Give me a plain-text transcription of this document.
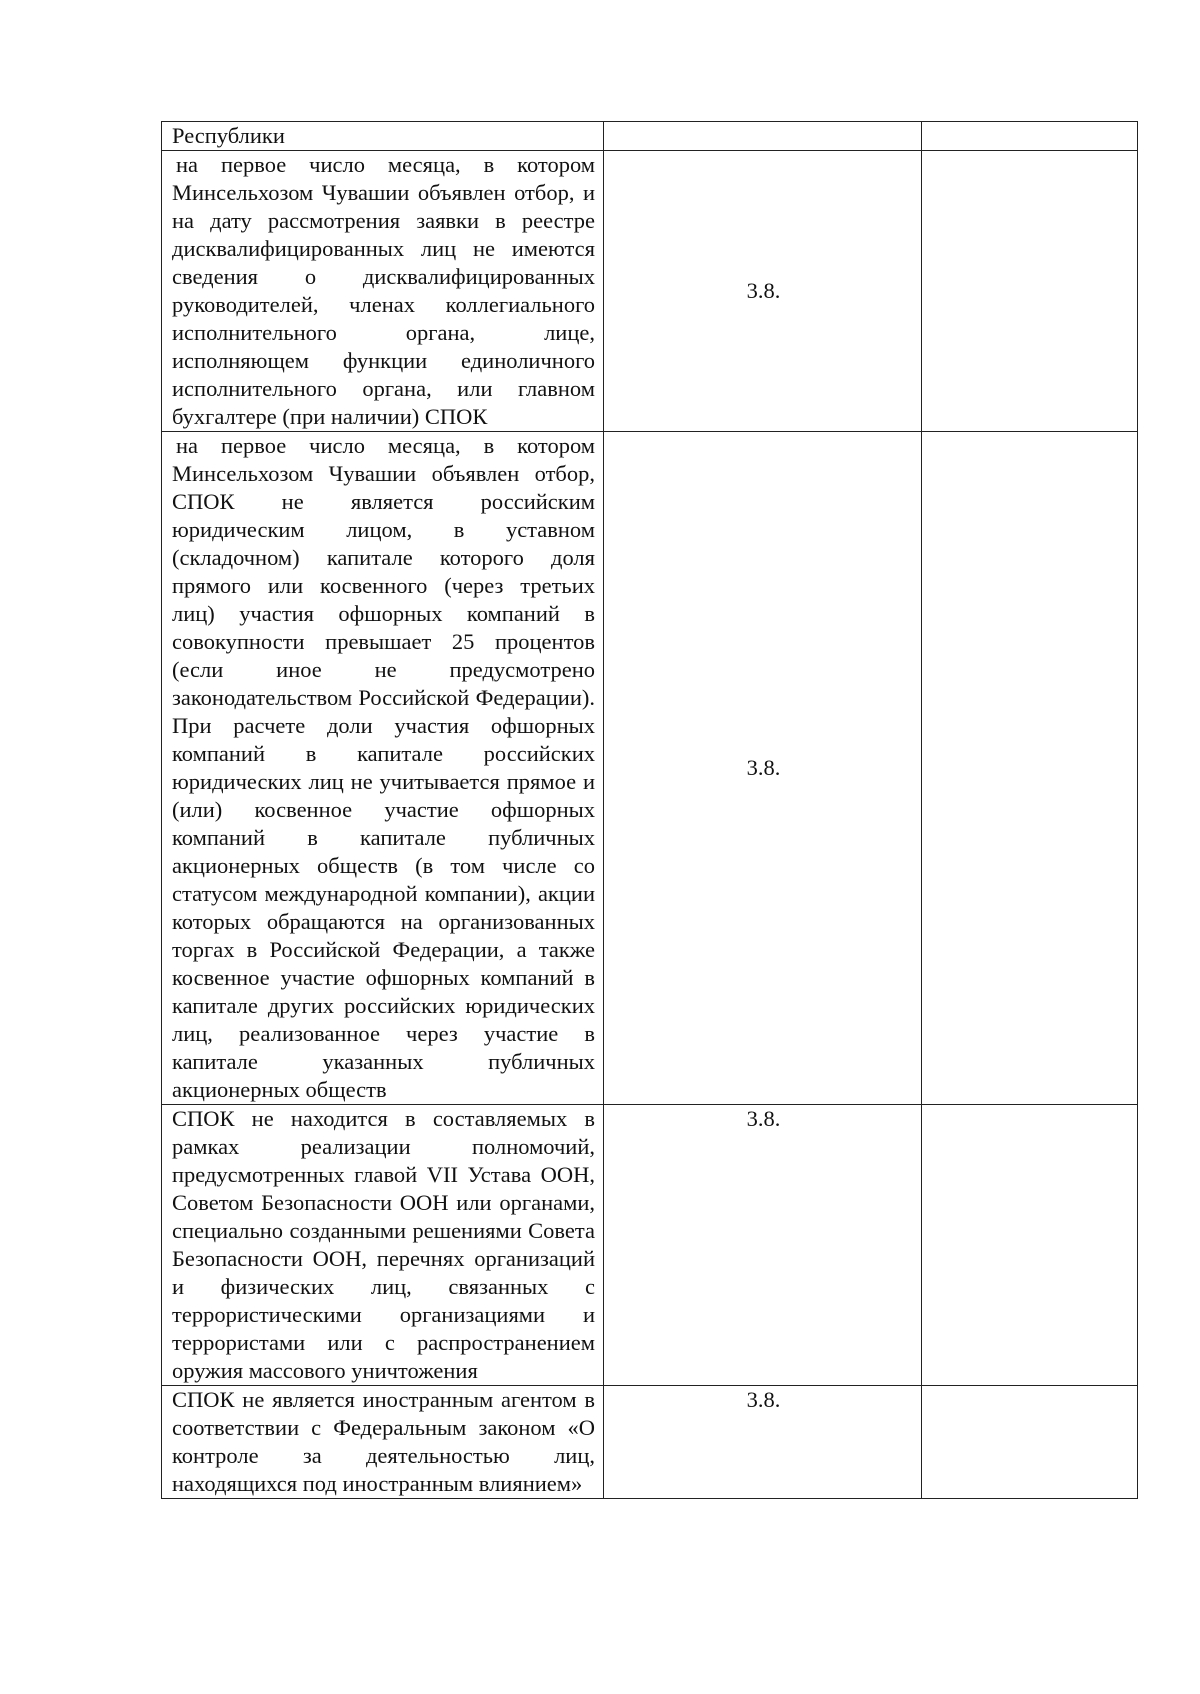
Республики		
на первое число месяца, в котором Минсельхозом Чувашии объявлен отбор, и на дату рассмотрения заявки в реестре дисквалифицированных лиц не имеются сведения о дисквалифицированных руководителей, членах коллегиального исполнительного органа, лице, исполняющем функции единоличного исполнительного органа, или главном бухгалтере (при наличии) СПОК	3.8.	
на первое число месяца, в котором Минсельхозом Чувашии объявлен отбор, СПОК не является российским юридическим лицом, в уставном (складочном) капитале которого доля прямого или косвенного (через третьих лиц) участия офшорных компаний в совокупности превышает 25 процентов (если иное не предусмотрено законодательством Российской Федерации). При расчете доли участия офшорных компаний в капитале российских юридических лиц не учитывается прямое и (или) косвенное участие офшорных компаний в капитале публичных акционерных обществ (в том числе со статусом международной компании), акции которых обращаются на организованных торгах в Российской Федерации, а также косвенное участие офшорных компаний в капитале других российских юридических лиц, реализованное через участие в капитале указанных публичных акционерных обществ	3.8.	
СПОК не находится в составляемых в рамках реализации полномочий, предусмотренных главой VII Устава ООН, Советом Безопасности ООН или органами, специально созданными решениями Совета Безопасности ООН, перечнях организаций и физических лиц, связанных с террористическими организациями и террористами или с распространением оружия массового уничтожения	3.8.	
СПОК не является иностранным агентом в соответствии с Федеральным законом «О контроле за деятельностью лиц, находящихся под иностранным влиянием»	3.8.	
